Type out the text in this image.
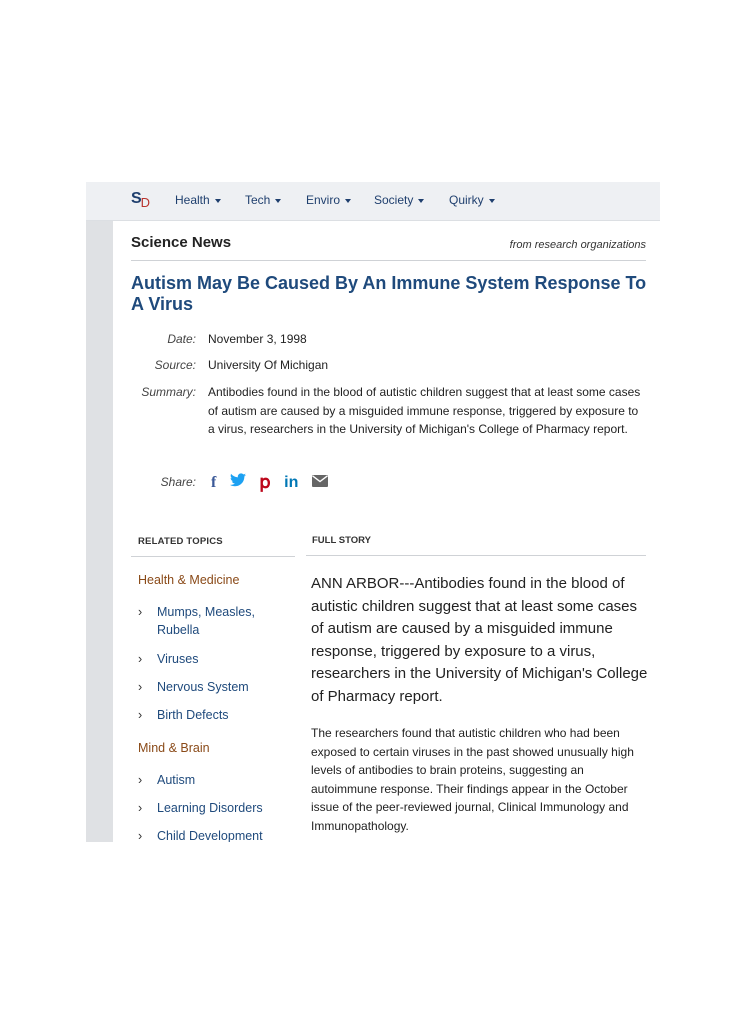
$S_D$ Health	Tech	Enviro	Society	Quirky
Science News	from research organizations
Autism May Be Caused By An Immune System Response To A Virus
Date: November 3, 1998
Source: University Of Michigan
Summary: Antibodies found in the blood of autistic children suggest that at least some cases of autism are caused by a misguided immune response, triggered by exposure to a virus, researchers in the University of Michigan's College of Pharmacy report.
Share: f 𝗉 in
RELATED TOPICS	FULL STORY
Health & Medicine
› Mumps, Measles, Rubella
› Viruses
› Nervous System
› Birth Defects
Mind & Brain
› Autism
› Learning Disorders
› Child Development
ANN ARBOR---Antibodies found in the blood of autistic children suggest that at least some cases of autism are caused by a misguided immune response, triggered by exposure to a virus, researchers in the University of Michigan's College of Pharmacy report.
The researchers found that autistic children who had been exposed to certain viruses in the past showed unusually high levels of antibodies to brain proteins, suggesting an autoimmune response. Their findings appear in the October issue of the peer-reviewed journal, Clinical Immunology and Immunopathology.
